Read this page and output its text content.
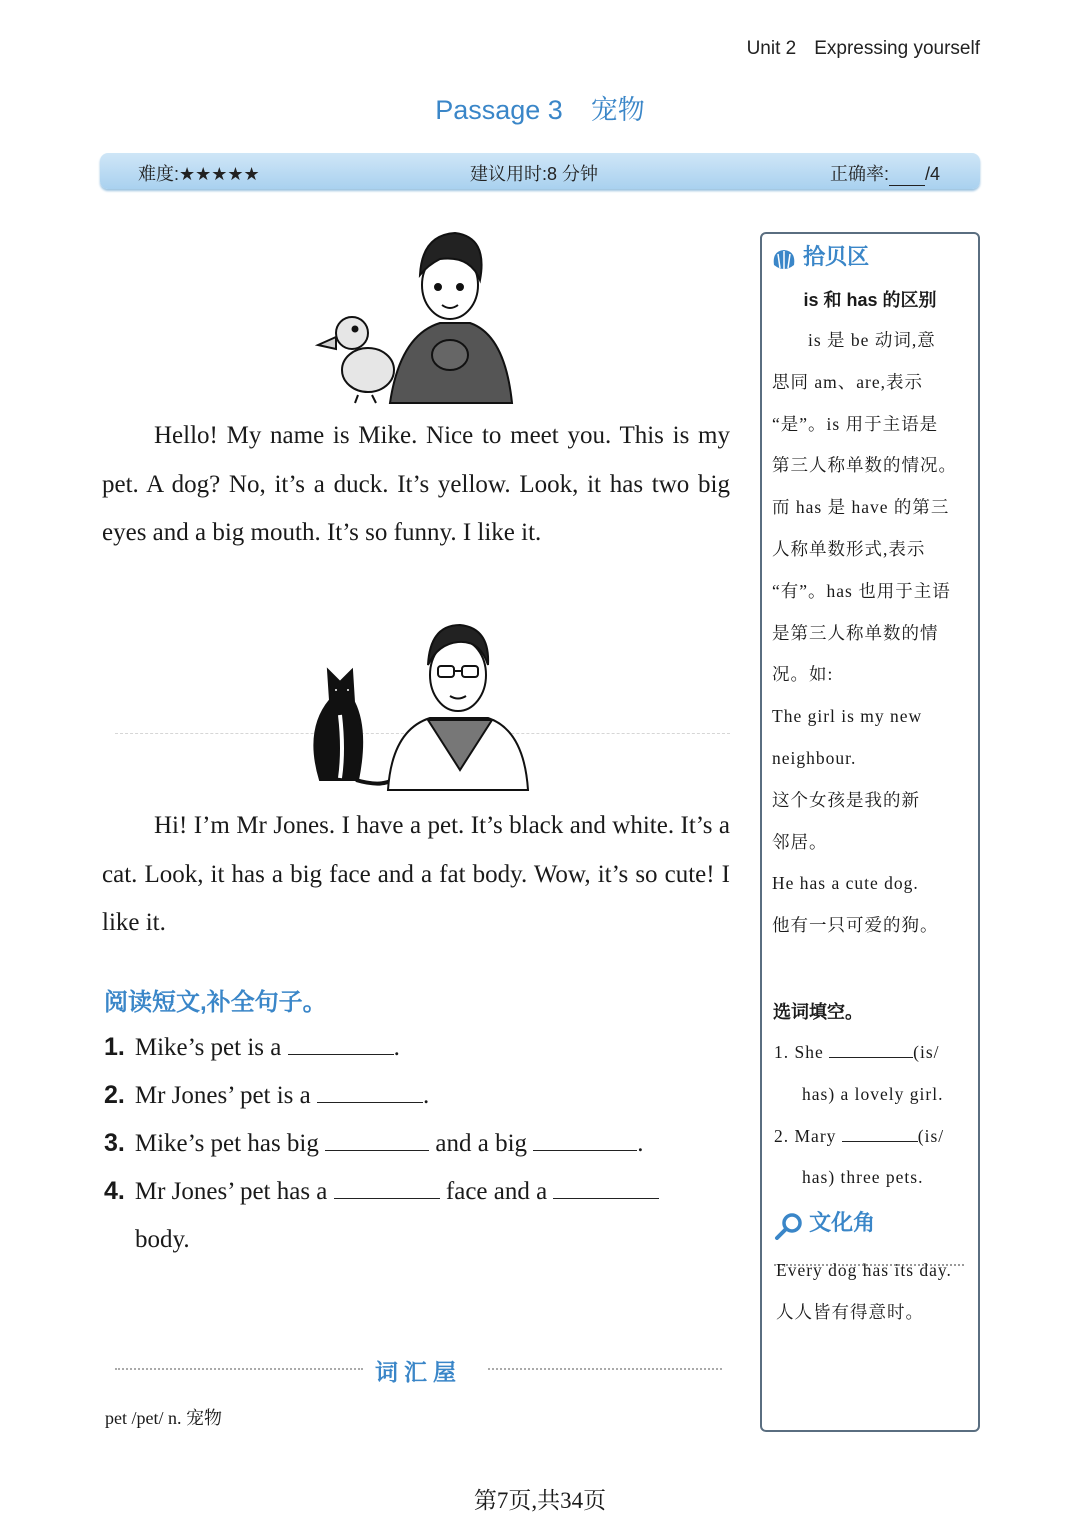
Unit 2 Expressing yourself
Passage 3 宠物
难度:★★★★★	建议用时:8 分钟	正确率: /4

Hello! My name is Mike. Nice to meet you. This is my pet. A dog? No, it’s a duck. It’s yellow. Look, it has two big eyes and a big mouth. It’s so funny. I like it.

Hi! I’m Mr Jones. I have a pet. It’s black and white. It’s a cat. Look, it has a big face and a fat body. Wow, it’s so cute! I like it.

阅读短文,补全句子。
1. Mike’s pet is a	.
2. Mr Jones’ pet is a	.
3. Mike’s pet has big	and a big	.
4. Mr Jones’ pet has a	face and a
body.
词汇屋
pet /pet/ n. 宠物
拾贝区
is 和 has 的区别

is 是 be 动词,意

思同 am、are,表示

“是”。is 用于主语是

第三人称单数的情况。

而 has 是 have 的第三

人称单数形式,表示

“有”。has 也用于主语

是第三人称单数的情

况。如:

The girl is my new

neighbour.

这个女孩是我的新

邻居。

He has a cute dog.

他有一只可爱的狗。

选词填空。
1. She	(is/
has) a lovely girl.
2. Mary	(is/
has) three pets.
文化角
Every dog has its day.
人人皆有得意时。
第7页,共34页
